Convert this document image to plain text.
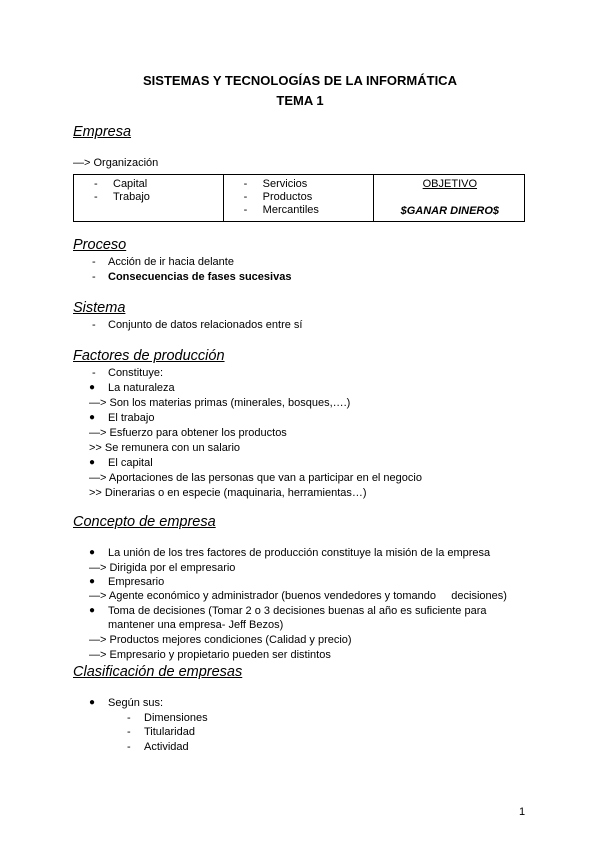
SISTEMAS Y TECNOLOGÍAS DE LA INFORMÁTICA
TEMA 1
Empresa
—> Organización
- Capital
- Trabajo

- Servicios
- Productos
- Mercantiles

OBJETIVO
$GANAR DINERO$
Proceso
- Acción de ir hacia delante
- Consecuencias de fases sucesivas
Sistema
- Conjunto de datos relacionados entre sí
Factores de producción
- Constituye:
● La naturaleza
—> Son los materias primas (minerales, bosques,….)
● El trabajo
—> Esfuerzo para obtener los productos
>> Se remunera con un salario
● El capital
—> Aportaciones de las personas que van a participar en el negocio
>> Dinerarias o en especie (maquinaria, herramientas…)
Concepto de empresa
● La unión de los tres factores de producción constituye la misión de la empresa
—> Dirigida por el empresario
● Empresario
—> Agente económico y administrador (buenos vendedores y tomando     decisiones)
● Toma de decisiones (Tomar 2 o 3 decisiones buenas al año es suficiente para
mantener una empresa- Jeff Bezos)
—> Productos mejores condiciones (Calidad y precio)
—> Empresario y propietario pueden ser distintos
Clasificación de empresas
● Según sus:
- Dimensiones
- Titularidad
- Actividad
1
